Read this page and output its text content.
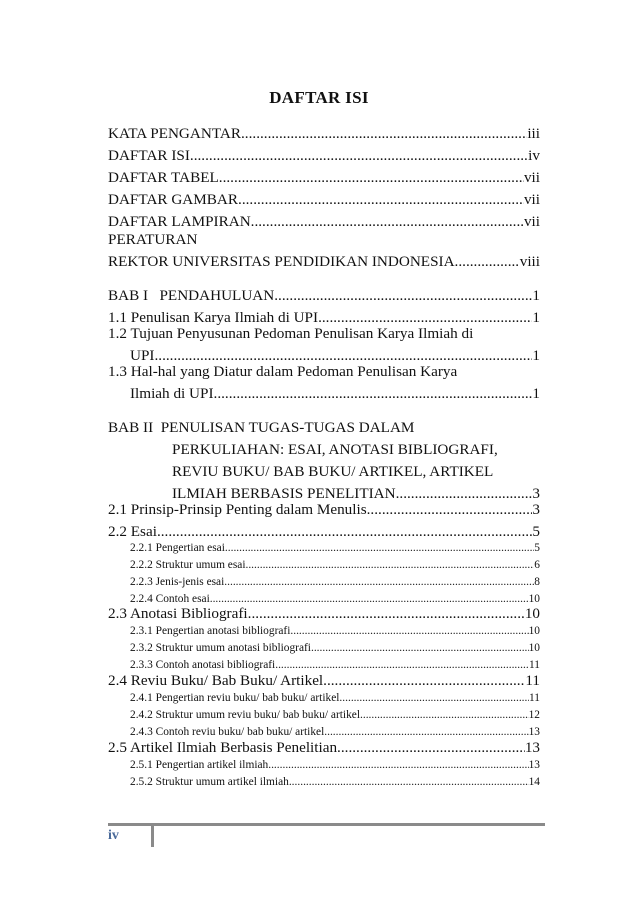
DAFTAR ISI
KATA PENGANTAR .....	iii
DAFTAR ISI .....	iv
DAFTAR TABEL .....	vii
DAFTAR GAMBAR .....	vii
DAFTAR LAMPIRAN .....	vii
PERATURAN
REKTOR UNIVERSITAS PENDIDIKAN INDONESIA .....	viii
BAB I   PENDAHULUAN .....	1
1.1 Penulisan Karya Ilmiah di UPI .....	1
1.2 Tujuan Penyusunan Pedoman Penulisan Karya Ilmiah di
UPI .....	1
1.3 Hal-hal yang Diatur dalam Pedoman Penulisan Karya
Ilmiah di UPI .....	1
BAB II  PENULISAN TUGAS-TUGAS DALAM
PERKULIAHAN: ESAI, ANOTASI BIBLIOGRAFI,
REVIU BUKU/ BAB BUKU/ ARTIKEL, ARTIKEL
ILMIAH BERBASIS PENELITIAN .....	3
2.1 Prinsip-Prinsip Penting dalam Menulis .....	3
2.2 Esai .....	5
2.2.1 Pengertian esai .....	5
2.2.2 Struktur umum esai .....	6
2.2.3 Jenis-jenis esai .....	8
2.2.4 Contoh esai .....	10
2.3 Anotasi Bibliografi .....	10
2.3.1 Pengertian anotasi bibliografi .....	10
2.3.2 Struktur umum anotasi bibliografi .....	10
2.3.3 Contoh anotasi bibliografi .....	11
2.4 Reviu Buku/ Bab Buku/ Artikel .....	11
2.4.1 Pengertian reviu buku/ bab buku/ artikel .....	11
2.4.2 Struktur umum reviu buku/ bab buku/ artikel .....	12
2.4.3 Contoh reviu buku/ bab buku/ artikel .....	13
2.5 Artikel Ilmiah Berbasis Penelitian .....	13
2.5.1 Pengertian artikel ilmiah .....	13
2.5.2 Struktur umum artikel ilmiah .....	14
iv
